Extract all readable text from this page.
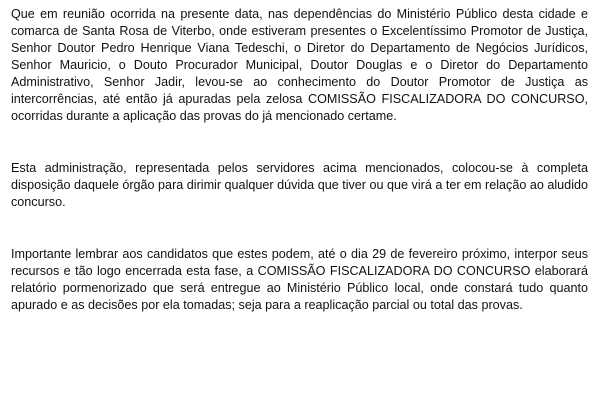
Que em reunião ocorrida na presente data, nas dependências do Ministério Público desta cidade e comarca de Santa Rosa de Viterbo, onde estiveram presentes o Excelentíssimo Promotor de Justiça, Senhor Doutor Pedro Henrique Viana Tedeschi, o Diretor do Departamento de Negócios Jurídicos, Senhor Mauricio, o Douto Procurador Municipal, Doutor Douglas e o Diretor do Departamento Administrativo, Senhor Jadir, levou-se ao conhecimento do Doutor Promotor de Justiça as intercorrências, até então já apuradas pela zelosa COMISSÃO FISCALIZADORA DO CONCURSO, ocorridas durante a aplicação das provas do já mencionado certame.

Esta administração, representada pelos servidores acima mencionados, colocou-se à completa disposição daquele órgão para dirimir qualquer dúvida que tiver ou que virá a ter em relação ao aludido concurso.

Importante lembrar aos candidatos que estes podem, até o dia 29 de fevereiro próximo, interpor seus recursos e tão logo encerrada esta fase, a COMISSÃO FISCALIZADORA DO CONCURSO elaborará relatório pormenorizado que será entregue ao Ministério Público local, onde constará tudo quanto apurado e as decisões por ela tomadas; seja para a reaplicação parcial ou total das provas.
